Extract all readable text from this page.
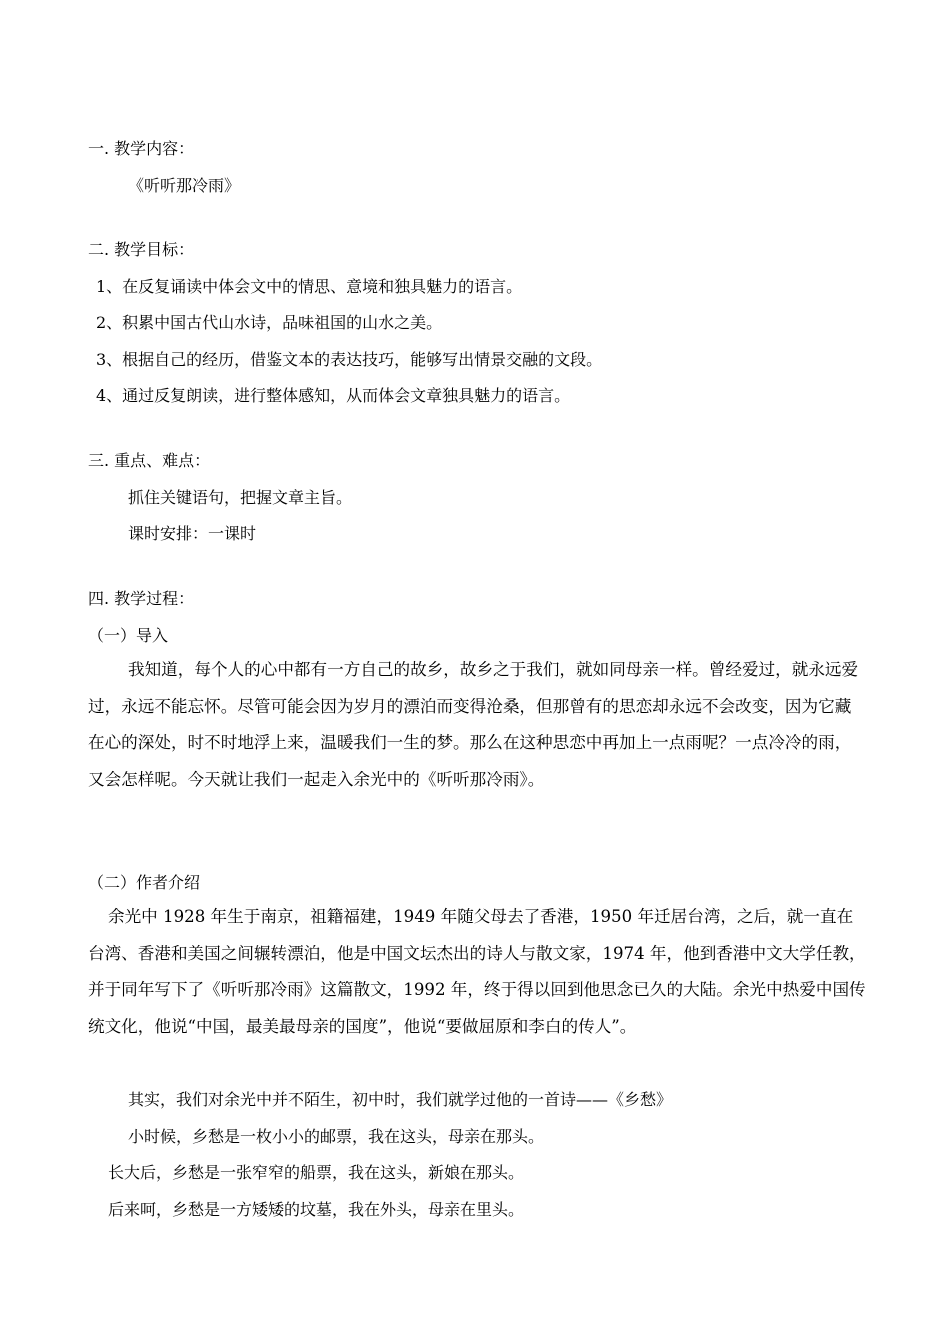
一. 教学内容：
《听听那冷雨》
二. 教学目标：
1、在反复诵读中体会文中的情思、意境和独具魅力的语言。
2、积累中国古代山水诗，品味祖国的山水之美。
3、根据自己的经历，借鉴文本的表达技巧，能够写出情景交融的文段。
4、通过反复朗读，进行整体感知，从而体会文章独具魅力的语言。
三. 重点、难点：
抓住关键语句，把握文章主旨。
课时安排：一课时
四. 教学过程：
（一）导入
我知道，每个人的心中都有一方自己的故乡，故乡之于我们，就如同母亲一样。曾经爱过，就永远爱过，永远不能忘怀。尽管可能会因为岁月的漂泊而变得沧桑，但那曾有的思恋却永远不会改变，因为它藏在心的深处，时不时地浮上来，温暖我们一生的梦。那么在这种思恋中再加上一点雨呢？一点冷冷的雨，又会怎样呢。今天就让我们一起走入余光中的《听听那冷雨》。
（二）作者介绍
余光中 1928 年生于南京，祖籍福建，1949 年随父母去了香港，1950 年迁居台湾，之后，就一直在台湾、香港和美国之间辗转漂泊，他是中国文坛杰出的诗人与散文家，1974 年，他到香港中文大学任教，并于同年写下了《听听那冷雨》这篇散文，1992 年，终于得以回到他思念已久的大陆。余光中热爱中国传统文化，他说“中国，最美最母亲的国度”，他说“要做屈原和李白的传人”。
其实，我们对余光中并不陌生，初中时，我们就学过他的一首诗——《乡愁》
小时候，乡愁是一枚小小的邮票，我在这头，母亲在那头。
长大后，乡愁是一张窄窄的船票，我在这头，新娘在那头。
后来呵，乡愁是一方矮矮的坟墓，我在外头，母亲在里头。
